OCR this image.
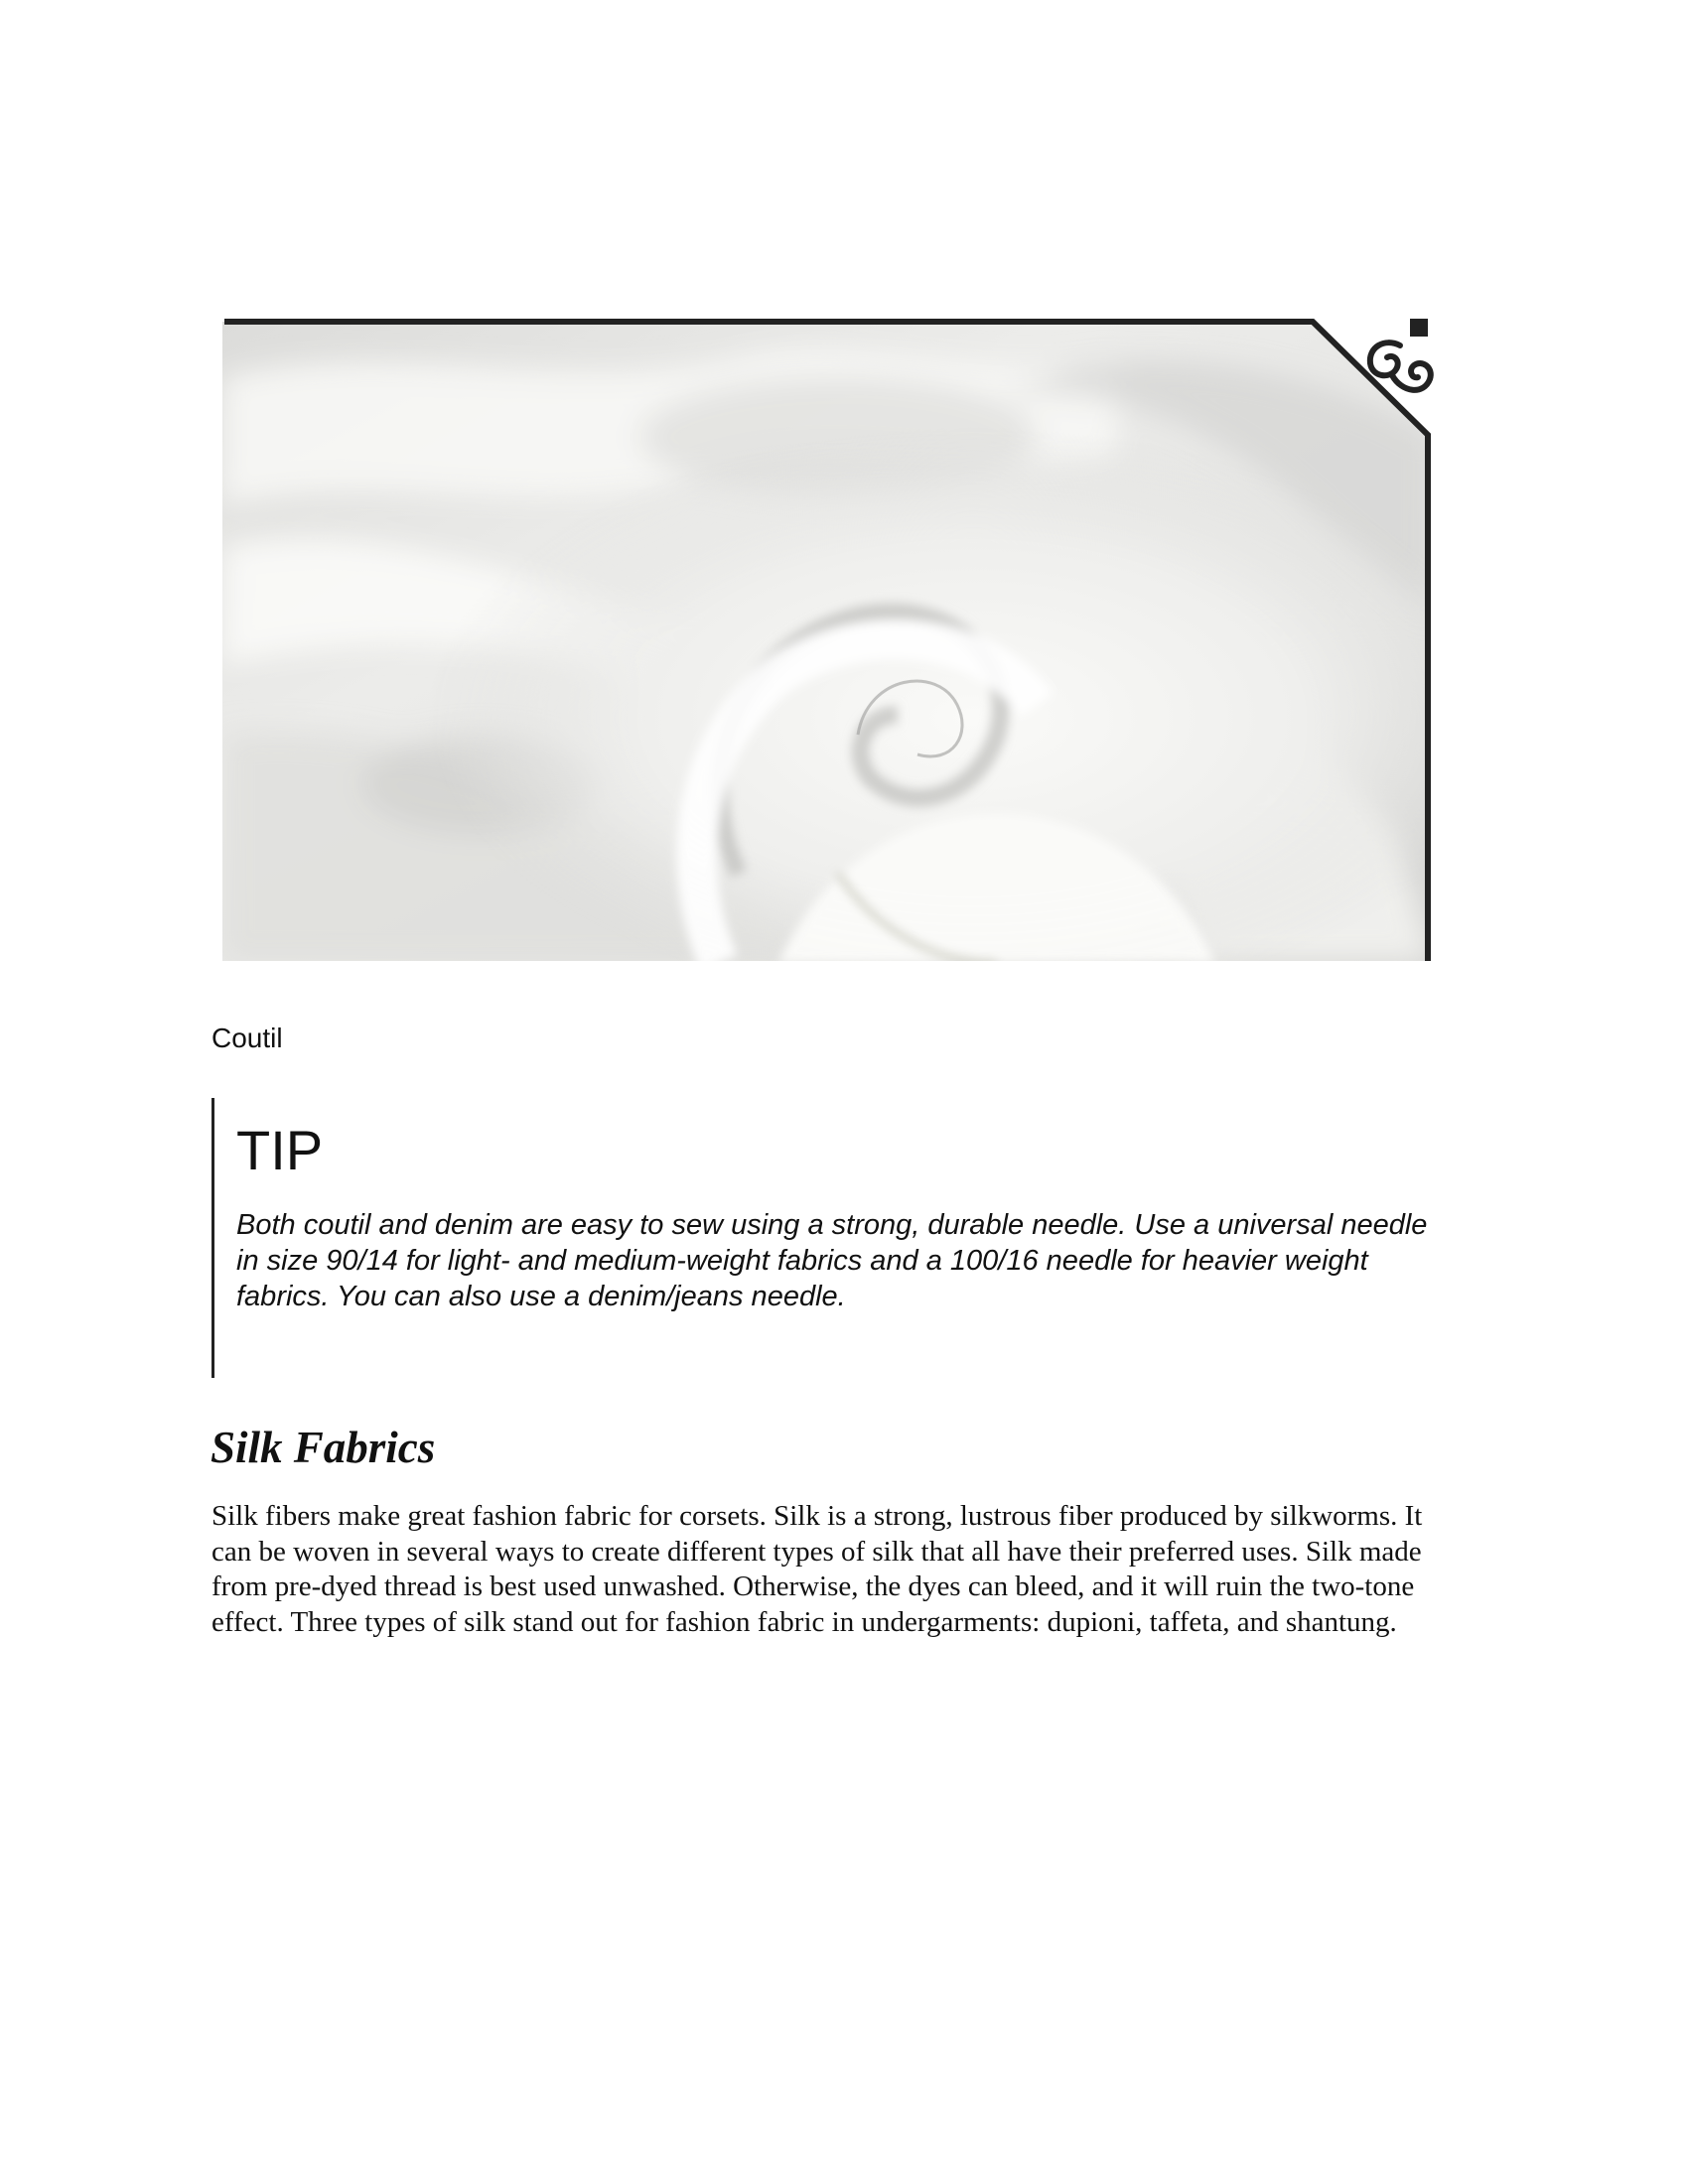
Coutil

TIP

Both coutil and denim are easy to sew using a strong, durable needle. Use a universal needle in size 90/14 for light- and medium-weight fabrics and a 100/16 needle for heavier weight fabrics. You can also use a denim/jeans needle.

Silk Fabrics

Silk fibers make great fashion fabric for corsets. Silk is a strong, lustrous fiber produced by silkworms. It can be woven in several ways to create different types of silk that all have their preferred uses. Silk made from pre-dyed thread is best used unwashed. Otherwise, the dyes can bleed, and it will ruin the two-tone effect. Three types of silk stand out for fashion fabric in undergarments: dupioni, taffeta, and shantung.
